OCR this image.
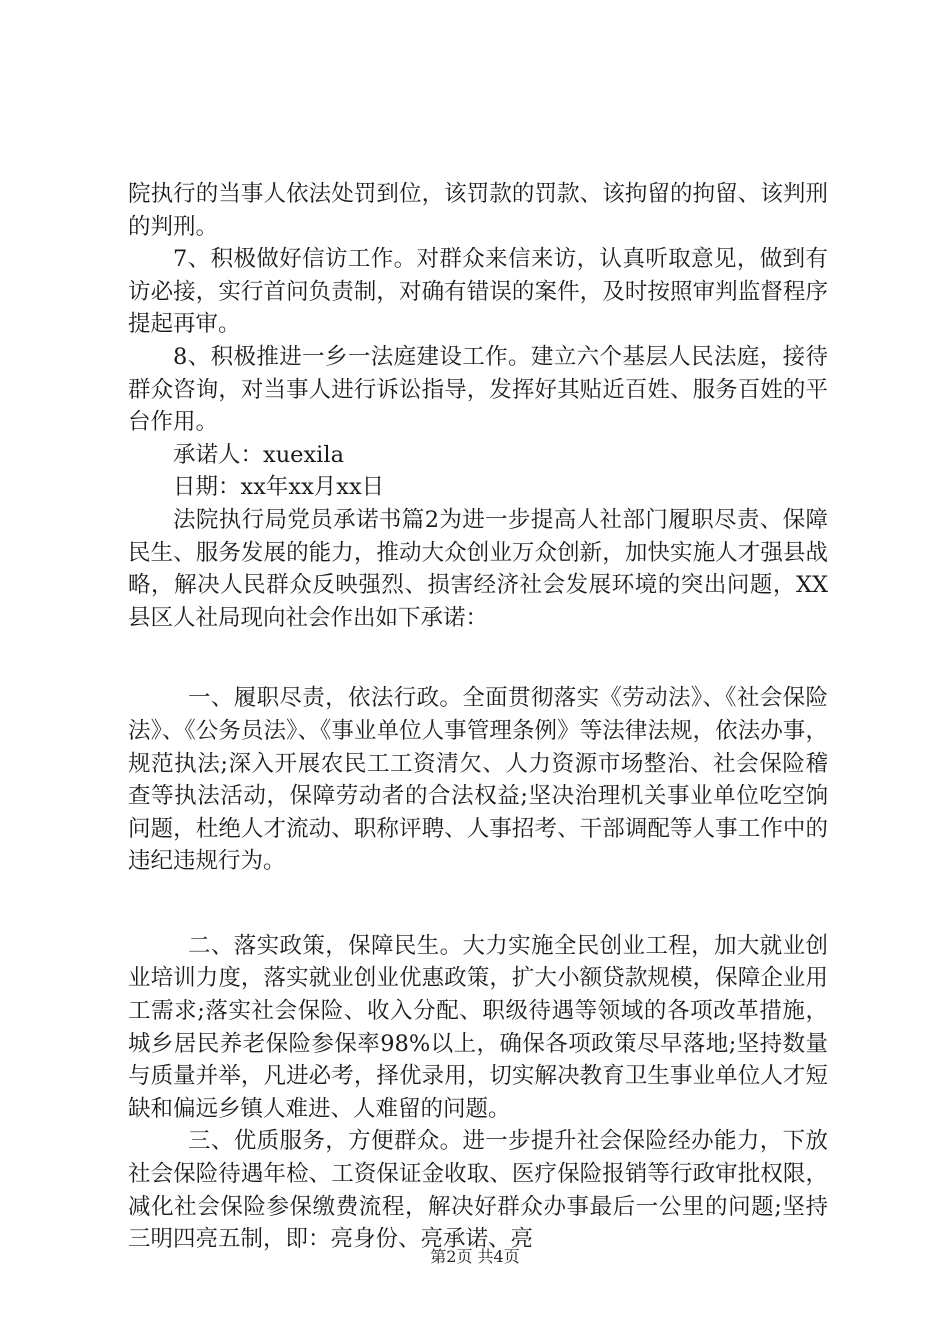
院执行的当事人依法处罚到位，该罚款的罚款、该拘留的拘留、该判刑的判刑。

7、积极做好信访工作。对群众来信来访，认真听取意见，做到有访必接，实行首问负责制，对确有错误的案件，及时按照审判监督程序提起再审。

8、积极推进一乡一法庭建设工作。建立六个基层人民法庭，接待群众咨询，对当事人进行诉讼指导，发挥好其贴近百姓、服务百姓的平台作用。

承诺人：xuexila

日期：xx年xx月xx日

法院执行局党员承诺书篇2为进一步提高人社部门履职尽责、保障民生、服务发展的能力，推动大众创业万众创新，加快实施人才强县战略，解决人民群众反映强烈、损害经济社会发展环境的突出问题，XX县区人社局现向社会作出如下承诺：

一、履职尽责，依法行政。全面贯彻落实《劳动法》、《社会保险法》、《公务员法》、《事业单位人事管理条例》等法律法规，依法办事，规范执法;深入开展农民工工资清欠、人力资源市场整治、社会保险稽查等执法活动，保障劳动者的合法权益;坚决治理机关事业单位吃空饷问题，杜绝人才流动、职称评聘、人事招考、干部调配等人事工作中的违纪违规行为。

二、落实政策，保障民生。大力实施全民创业工程，加大就业创业培训力度，落实就业创业优惠政策，扩大小额贷款规模，保障企业用工需求;落实社会保险、收入分配、职级待遇等领域的各项改革措施，城乡居民养老保险参保率98%以上，确保各项政策尽早落地;坚持数量与质量并举，凡进必考，择优录用，切实解决教育卫生事业单位人才短缺和偏远乡镇人难进、人难留的问题。

三、优质服务，方便群众。进一步提升社会保险经办能力，下放社会保险待遇年检、工资保证金收取、医疗保险报销等行政审批权限，减化社会保险参保缴费流程，解决好群众办事最后一公里的问题;坚持三明四亮五制，即：亮身份、亮承诺、亮

第2页 共4页
